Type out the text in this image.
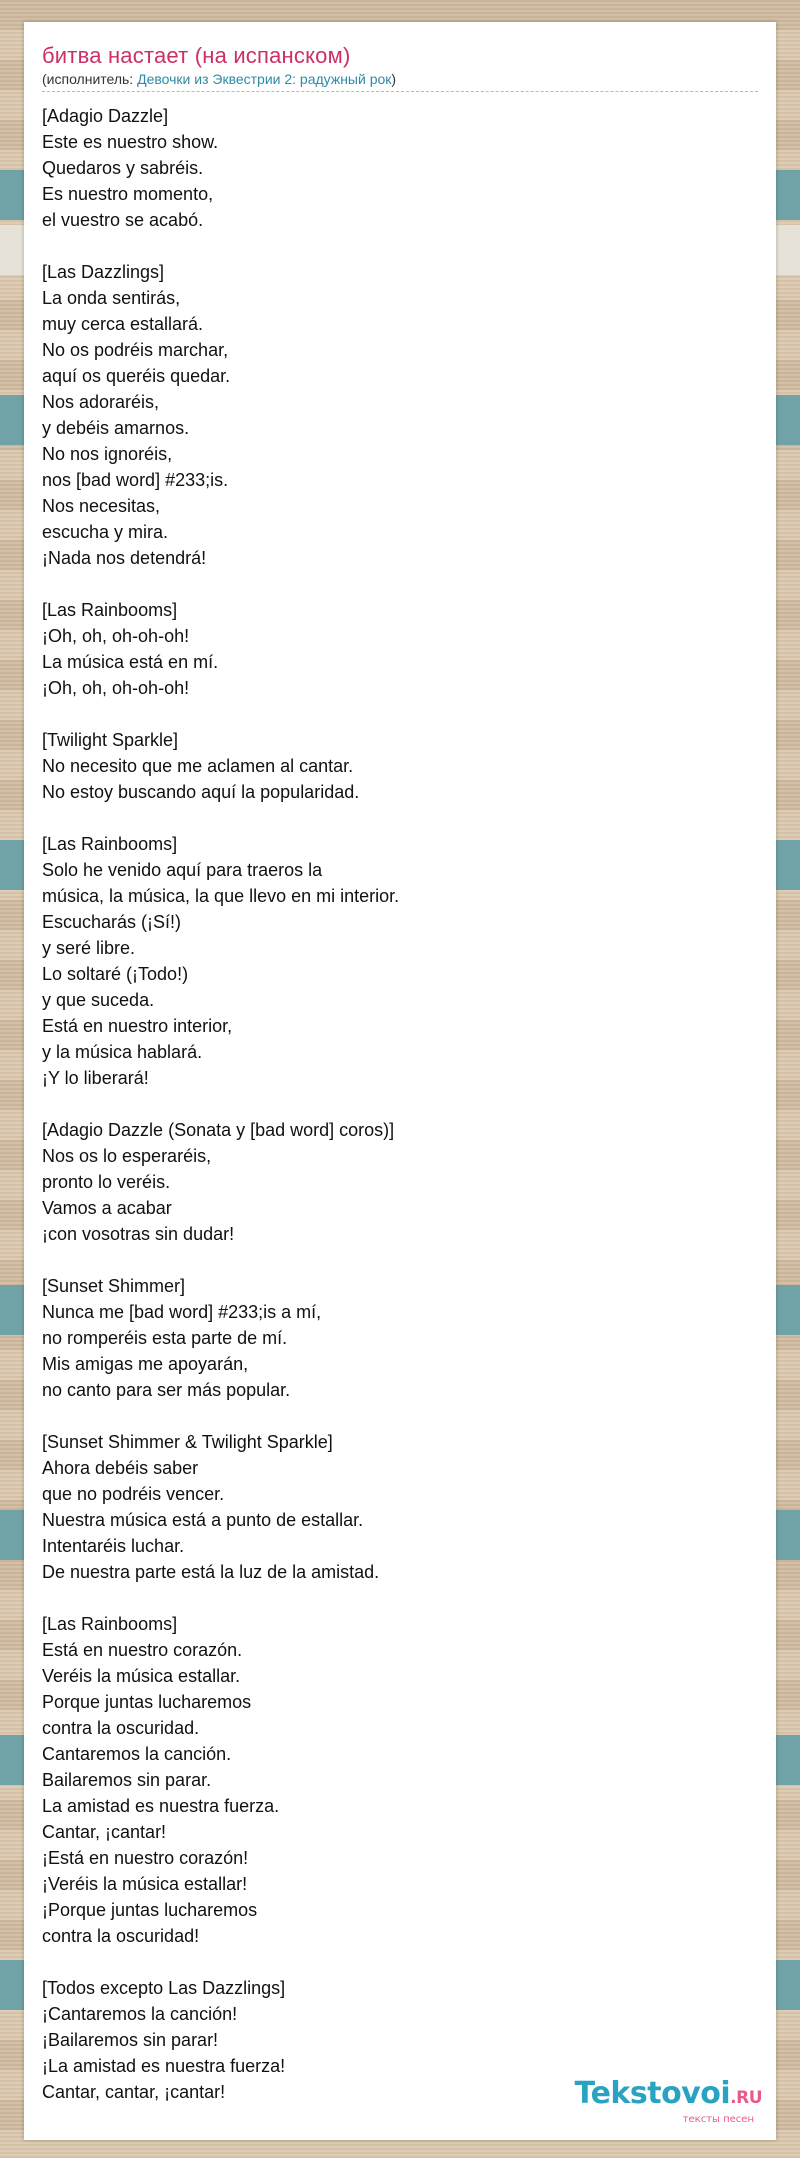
битва настает (на испанском)
(исполнитель: Девочки из Эквестрии 2: радужный рок)
[Adagio Dazzle]
Este es nuestro show.
Quedaros y sabréis.
Es nuestro momento,
el vuestro se acabó.
[Las Dazzlings]
La onda sentirás,
muy cerca estallará.
No os podréis marchar,
aquí os queréis quedar.
Nos adoraréis,
y debéis amarnos.
No nos ignoréis,
nos [bad word] #233;is.
Nos necesitas,
escucha y mira.
¡Nada nos detendrá!
[Las Rainbooms]
¡Oh, oh, oh-oh-oh!
La música está en mí.
¡Oh, oh, oh-oh-oh!
[Twilight Sparkle]
No necesito que me aclamen al cantar.
No estoy buscando aquí la popularidad.
[Las Rainbooms]
Solo he venido aquí para traeros la
música, la música, la que llevo en mi interior.
Escucharás (¡Sí!)
y seré libre.
Lo soltaré (¡Todo!)
y que suceda.
Está en nuestro interior,
y la música hablará.
¡Y lo liberará!
[Adagio Dazzle (Sonata y [bad word] coros)]
Nos os lo esperaréis,
pronto lo veréis.
Vamos a acabar
¡con vosotras sin dudar!
[Sunset Shimmer]
Nunca me [bad word] #233;is a mí,
no romperéis esta parte de mí.
Mis amigas me apoyarán,
no canto para ser más popular.
[Sunset Shimmer & Twilight Sparkle]
Ahora debéis saber
que no podréis vencer.
Nuestra música está a punto de estallar.
Intentaréis luchar.
De nuestra parte está la luz de la amistad.
[Las Rainbooms]
Está en nuestro corazón.
Veréis la música estallar.
Porque juntas lucharemos
contra la oscuridad.
Cantaremos la canción.
Bailaremos sin parar.
La amistad es nuestra fuerza.
Cantar, ¡cantar!
¡Está en nuestro corazón!
¡Veréis la música estallar!
¡Porque juntas lucharemos
contra la oscuridad!
[Todos excepto Las Dazzlings]
¡Cantaremos la canción!
¡Bailaremos sin parar!
¡La amistad es nuestra fuerza!
Cantar, cantar, ¡cantar!	Tekstovoi.RU
тексты песен
